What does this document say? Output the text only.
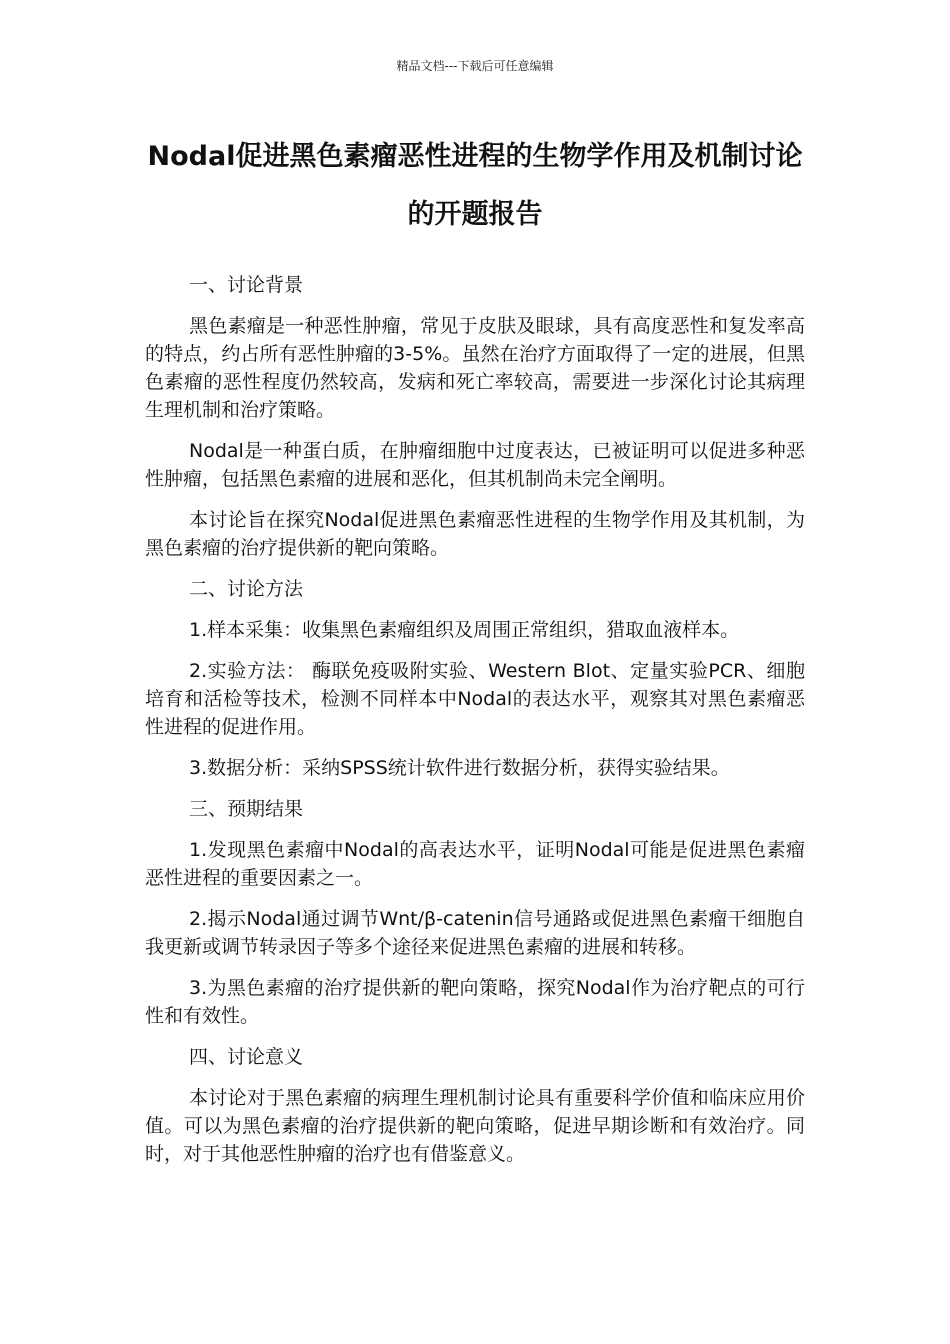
精品文档---下载后可任意编辑
Nodal促进黑色素瘤恶性进程的生物学作用及机制讨论的开题报告
一、讨论背景

黑色素瘤是一种恶性肿瘤，常见于皮肤及眼球，具有高度恶性和复发率高的特点，约占所有恶性肿瘤的3-5%。虽然在治疗方面取得了一定的进展，但黑色素瘤的恶性程度仍然较高，发病和死亡率较高，需要进一步深化讨论其病理生理机制和治疗策略。

Nodal是一种蛋白质，在肿瘤细胞中过度表达，已被证明可以促进多种恶性肿瘤，包括黑色素瘤的进展和恶化，但其机制尚未完全阐明。

本讨论旨在探究Nodal促进黑色素瘤恶性进程的生物学作用及其机制，为黑色素瘤的治疗提供新的靶向策略。

二、讨论方法

1.样本采集：收集黑色素瘤组织及周围正常组织，猎取血液样本。

2.实验方法： 酶联免疫吸附实验、Western Blot、定量实验PCR、细胞培育和活检等技术，检测不同样本中Nodal的表达水平，观察其对黑色素瘤恶性进程的促进作用。

3.数据分析：采纳SPSS统计软件进行数据分析，获得实验结果。

三、预期结果

1.发现黑色素瘤中Nodal的高表达水平，证明Nodal可能是促进黑色素瘤恶性进程的重要因素之一。

2.揭示Nodal通过调节Wnt/β-catenin信号通路或促进黑色素瘤干细胞自我更新或调节转录因子等多个途径来促进黑色素瘤的进展和转移。

3.为黑色素瘤的治疗提供新的靶向策略，探究Nodal作为治疗靶点的可行性和有效性。

四、讨论意义

本讨论对于黑色素瘤的病理生理机制讨论具有重要科学价值和临床应用价值。可以为黑色素瘤的治疗提供新的靶向策略，促进早期诊断和有效治疗。同时，对于其他恶性肿瘤的治疗也有借鉴意义。
